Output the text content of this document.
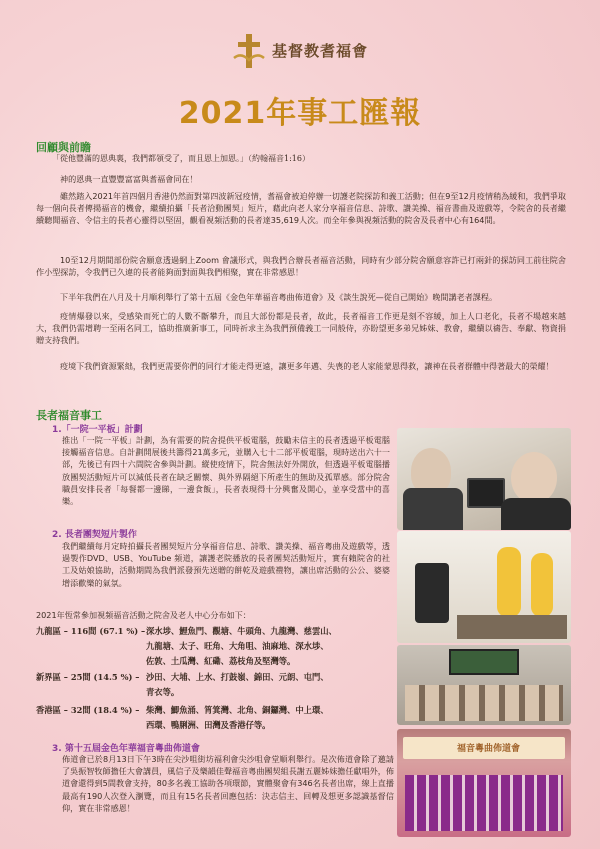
基督教耆福會
2021年事工匯報
回顧與前瞻
「從他豐滿的恩典裏，我們都領受了，而且恩上加恩。」（約翰福音1:16）
神的恩典一直豐豐富富與耆福會同在！
雖然踏入2021年首四個月香港仍然面對第四波新冠疫情，耆福會被迫停辦一切護老院探訪和義工活動；但在9至12月疫情稍為緩和，我們爭取每一個向長者傳揚福音的機會，繼續拍攝「長者洽動團契」短片，藉此向老人家分享福音信息、詩歌、讚美操、福音書曲及遊戲等，令院舍的長者繼續聽聞福音、令信主的長者心靈得以堅固，觀看視頻活動的長者達35,619人次。而全年參與視頻活動的院舍及長者中心有164間。
10至12月期間部份院舍願意透過網上Zoom 會議形式，與我們合辦長者福音活動，同時有少部分院舍願意容許已打兩針的探訪同工前往院舍作小型探訪，令我們已久違的長者能夠面對面與我們相聚，實在非常感恩！
下半年我們在八月及十月順利舉行了第十五屆《金色年華福音粵曲佈道會》及《談生說死—從自己開始》晚間講老者課程。
疫情爆發以來，受感染而死亡的人數不斷攀升，而且大部份都是長者，故此，長者福音工作更是刻不容緩，加上人口老化，長者不場越來越大，我們仍需增聘一至兩名同工，協助推廣新事工，同時祈求主為我們預備義工一同般侍，亦盼望更多弟兄姊妹、教會，繼續以禱告、奉獻、物資捐贈支持我們。
疫境下我們資源緊絀，我們更需要你們的同行才能走得更遠，讓更多年邁、失喪的老人家能蒙恩得救，讓神在長者群體中得著最大的榮耀！
長者福音事工
1.「一院一平板」計劃
推出「一院一平板」計劃，為有需要的院舍提供平板電腦，鼓勵未信主的長者透過平板電腦接觸福音信息。自計劃開展後共籌得21萬多元，並購入七十二部平板電腦，現時送出六十一部，先後已有四十六間院舍參與計劃。縱使疫情下，院舍無法好外開放，但透過平板電腦播放團契活動短片可以減低長者在缺乏關懷、與外界隔絕下所產生的無助及孤單感。部分院舍職員安排長者「每餐都一邊睇，一邊食飯」，長者表現得十分興奮及開心，並享受當中的喜樂。
2. 長者團契短片製作
我們繼續每月定時拍攝長者團契短片分享福音信息、詩歌、讚美操、福音粵曲及遊戲等，透過製作DVD、USB、YouTube 頻道，讓護老院播放的長者團契活動短片，實有賴院舍的社工及姑娘協助，活動期間為我們派發預先送贈的餅乾及遊戲禮物，讓出席活動的公公、婆婆增添歡樂的氣氛。
2021年恆常參加視頻福音活動之院舍及老人中心分布如下：
九龍區 – 116間 (67.1 %) – 深水埗、鯉魚門、觀塘、牛頭角、九龍灣、慈雲山、
九龍塘、太子、旺角、大角咀、油麻地、深水埗、
佐敦、土瓜灣、紅磡、荔枝角及堅灣等。
新界區 – 25間 (14.5 %) – 沙田、大埔、上水、打鼓嶺、錦田、元朗、屯門、
青衣等。
香港區 – 32間 (18.4 %) – 柴灣、鯽魚涌、筲箕灣、北角、銅鑼灣、中上環、
西環、鴨脷洲、田灣及香港仔等。
3. 第十五屆金色年華福音粵曲佈道會
佈道會已於8月13日下午3時在尖沙咀街坊福利會尖沙咀會堂順利舉行。是次佈道會除了邀請了吳振智牧師擔任大會講員，風信子及樂韻佳聲福音粵曲團契組長謝五麗姊妹擔任獻唱外，佈道會還得到5間教會支持，80多名義工協助各項環節，實體聚會有346名長者出席，線上直播最高有190人次登入瀏覽，而且有15名長者回應包括：決志信主、回轉及想更多認識基督信仰，實在非常感恩！
福音粵曲佈道會
